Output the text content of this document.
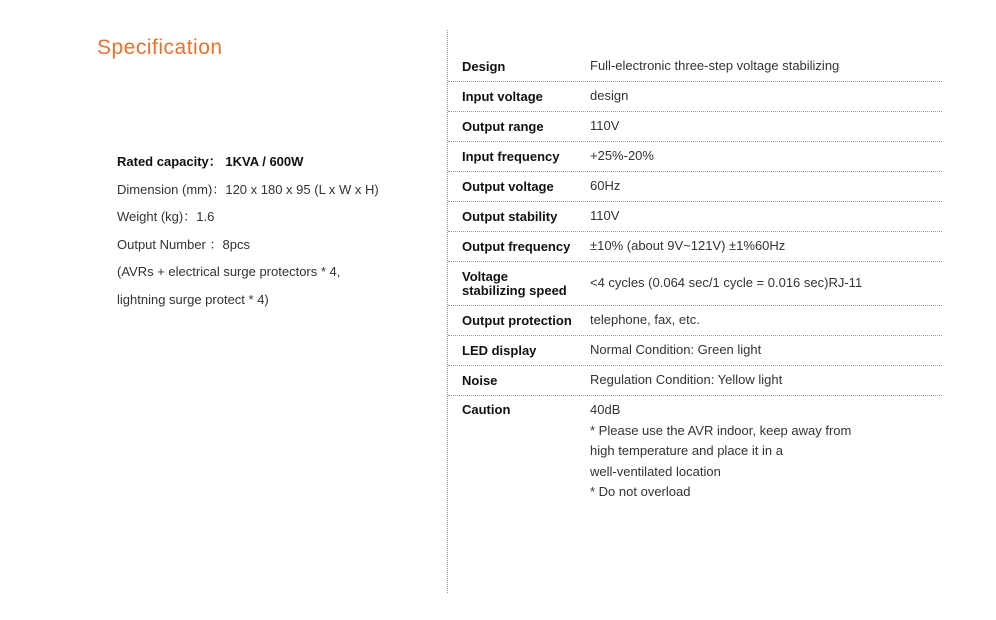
Specification
Rated capacity： 1KVA / 600W
Dimension (mm)：120 x 180 x 95 (L x W x H)
Weight (kg)：1.6
Output Number ：8pcs
(AVRs + electrical surge protectors * 4,
lightning surge protect * 4)
Design	Full-electronic three-step voltage stabilizing
Input voltage	design
Output range	110V
Input frequency	+25%-20%
Output voltage	60Hz
Output stability	110V
Output frequency	±10% (about 9V~121V) ±1%60Hz
Voltage
stabilizing speed	<4 cycles (0.064 sec/1 cycle = 0.016 sec)RJ-11
Output protection	telephone, fax, etc.
LED display	Normal Condition: Green light
Noise	Regulation Condition: Yellow light
Caution	40dB
* Please use the AVR indoor, keep away from
high temperature and place it in a
well-ventilated location
* Do not overload
